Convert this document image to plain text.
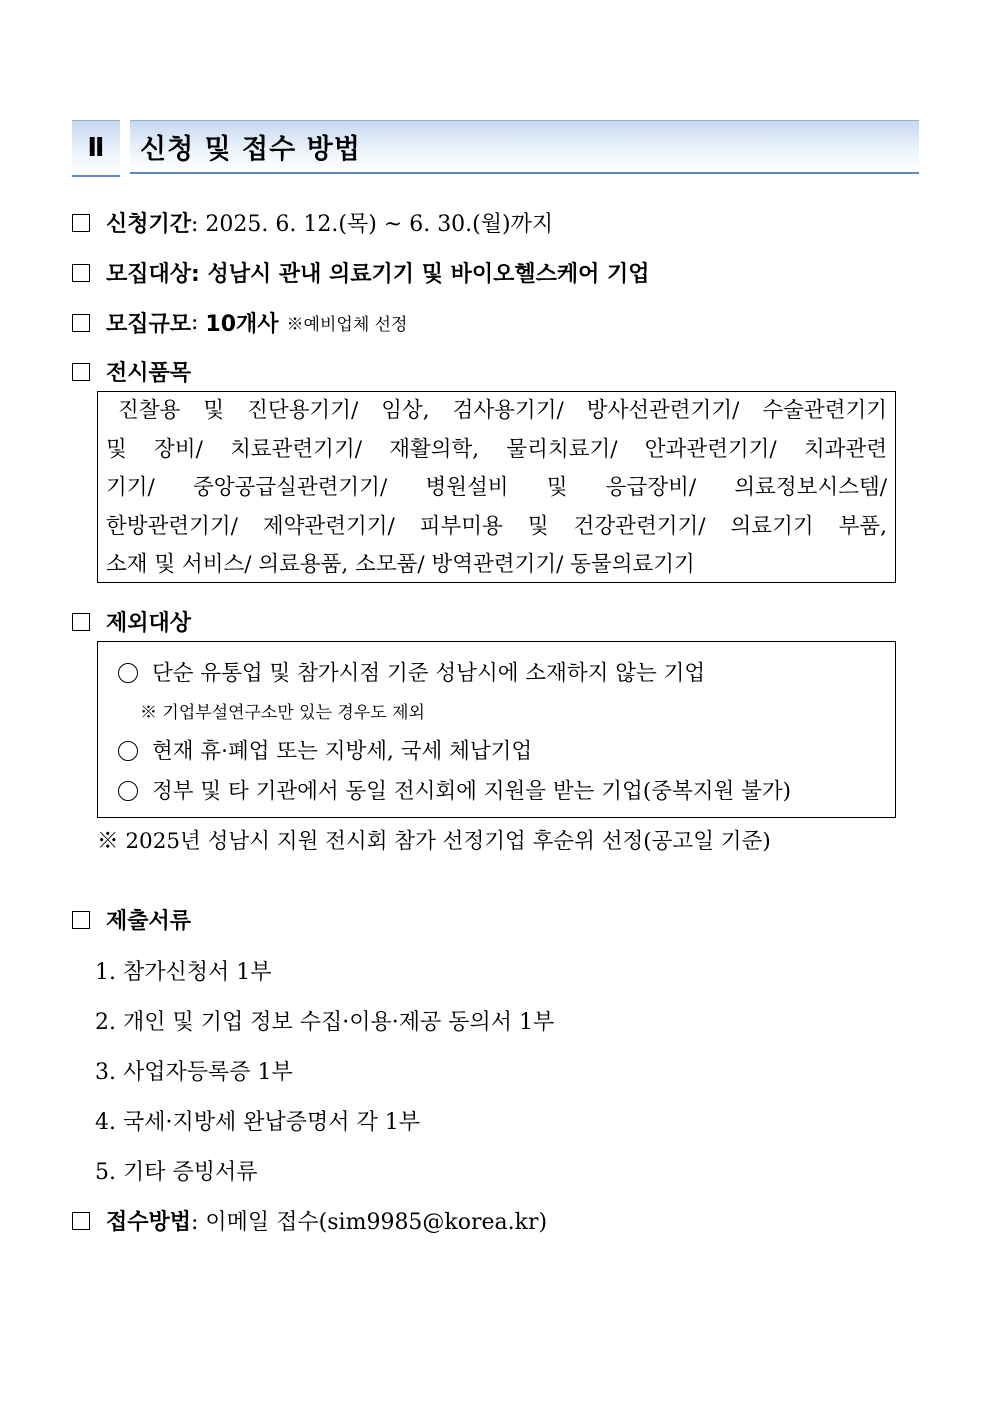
Ⅱ	신청 및 접수 방법
신청기간 : 2025. 6. 12.(목) ~ 6. 30.(월)까지
모집대상 : 성남시 관내 의료기기 및 바이오헬스케어 기업
모집규모 : 10개사 ※예비업체 선정
전시품목

진찰용 및 진단용기기/ 임상, 검사용기기/ 방사선관련기기/ 수술관련기기

및 장비/ 치료관련기기/ 재활의학, 물리치료기/ 안과관련기기/ 치과관련

기기/ 중앙공급실관련기기/ 병원설비 및 응급장비/ 의료정보시스템/

한방관련기기/ 제약관련기기/ 피부미용 및 건강관련기기/ 의료기기 부품,

소재 및 서비스/ 의료용품, 소모품/ 방역관련기기/ 동물의료기기

제외대상
단순 유통업 및 참가시점 기준 성남시에 소재하지 않는 기업
※ 기업부설연구소만 있는 경우도 제외
현재 휴·폐업 또는 지방세, 국세 체납기업
정부 및 타 기관에서 동일 전시회에 지원을 받는 기업(중복지원 불가)
※ 2025년 성남시 지원 전시회 참가 선정기업 후순위 선정(공고일 기준)
제출서류
1. 참가신청서 1부
2. 개인 및 기업 정보 수집·이용·제공 동의서 1부
3. 사업자등록증 1부
4. 국세·지방세 완납증명서 각 1부
5. 기타 증빙서류
접수방법 : 이메일 접수(sim9985@korea.kr)
